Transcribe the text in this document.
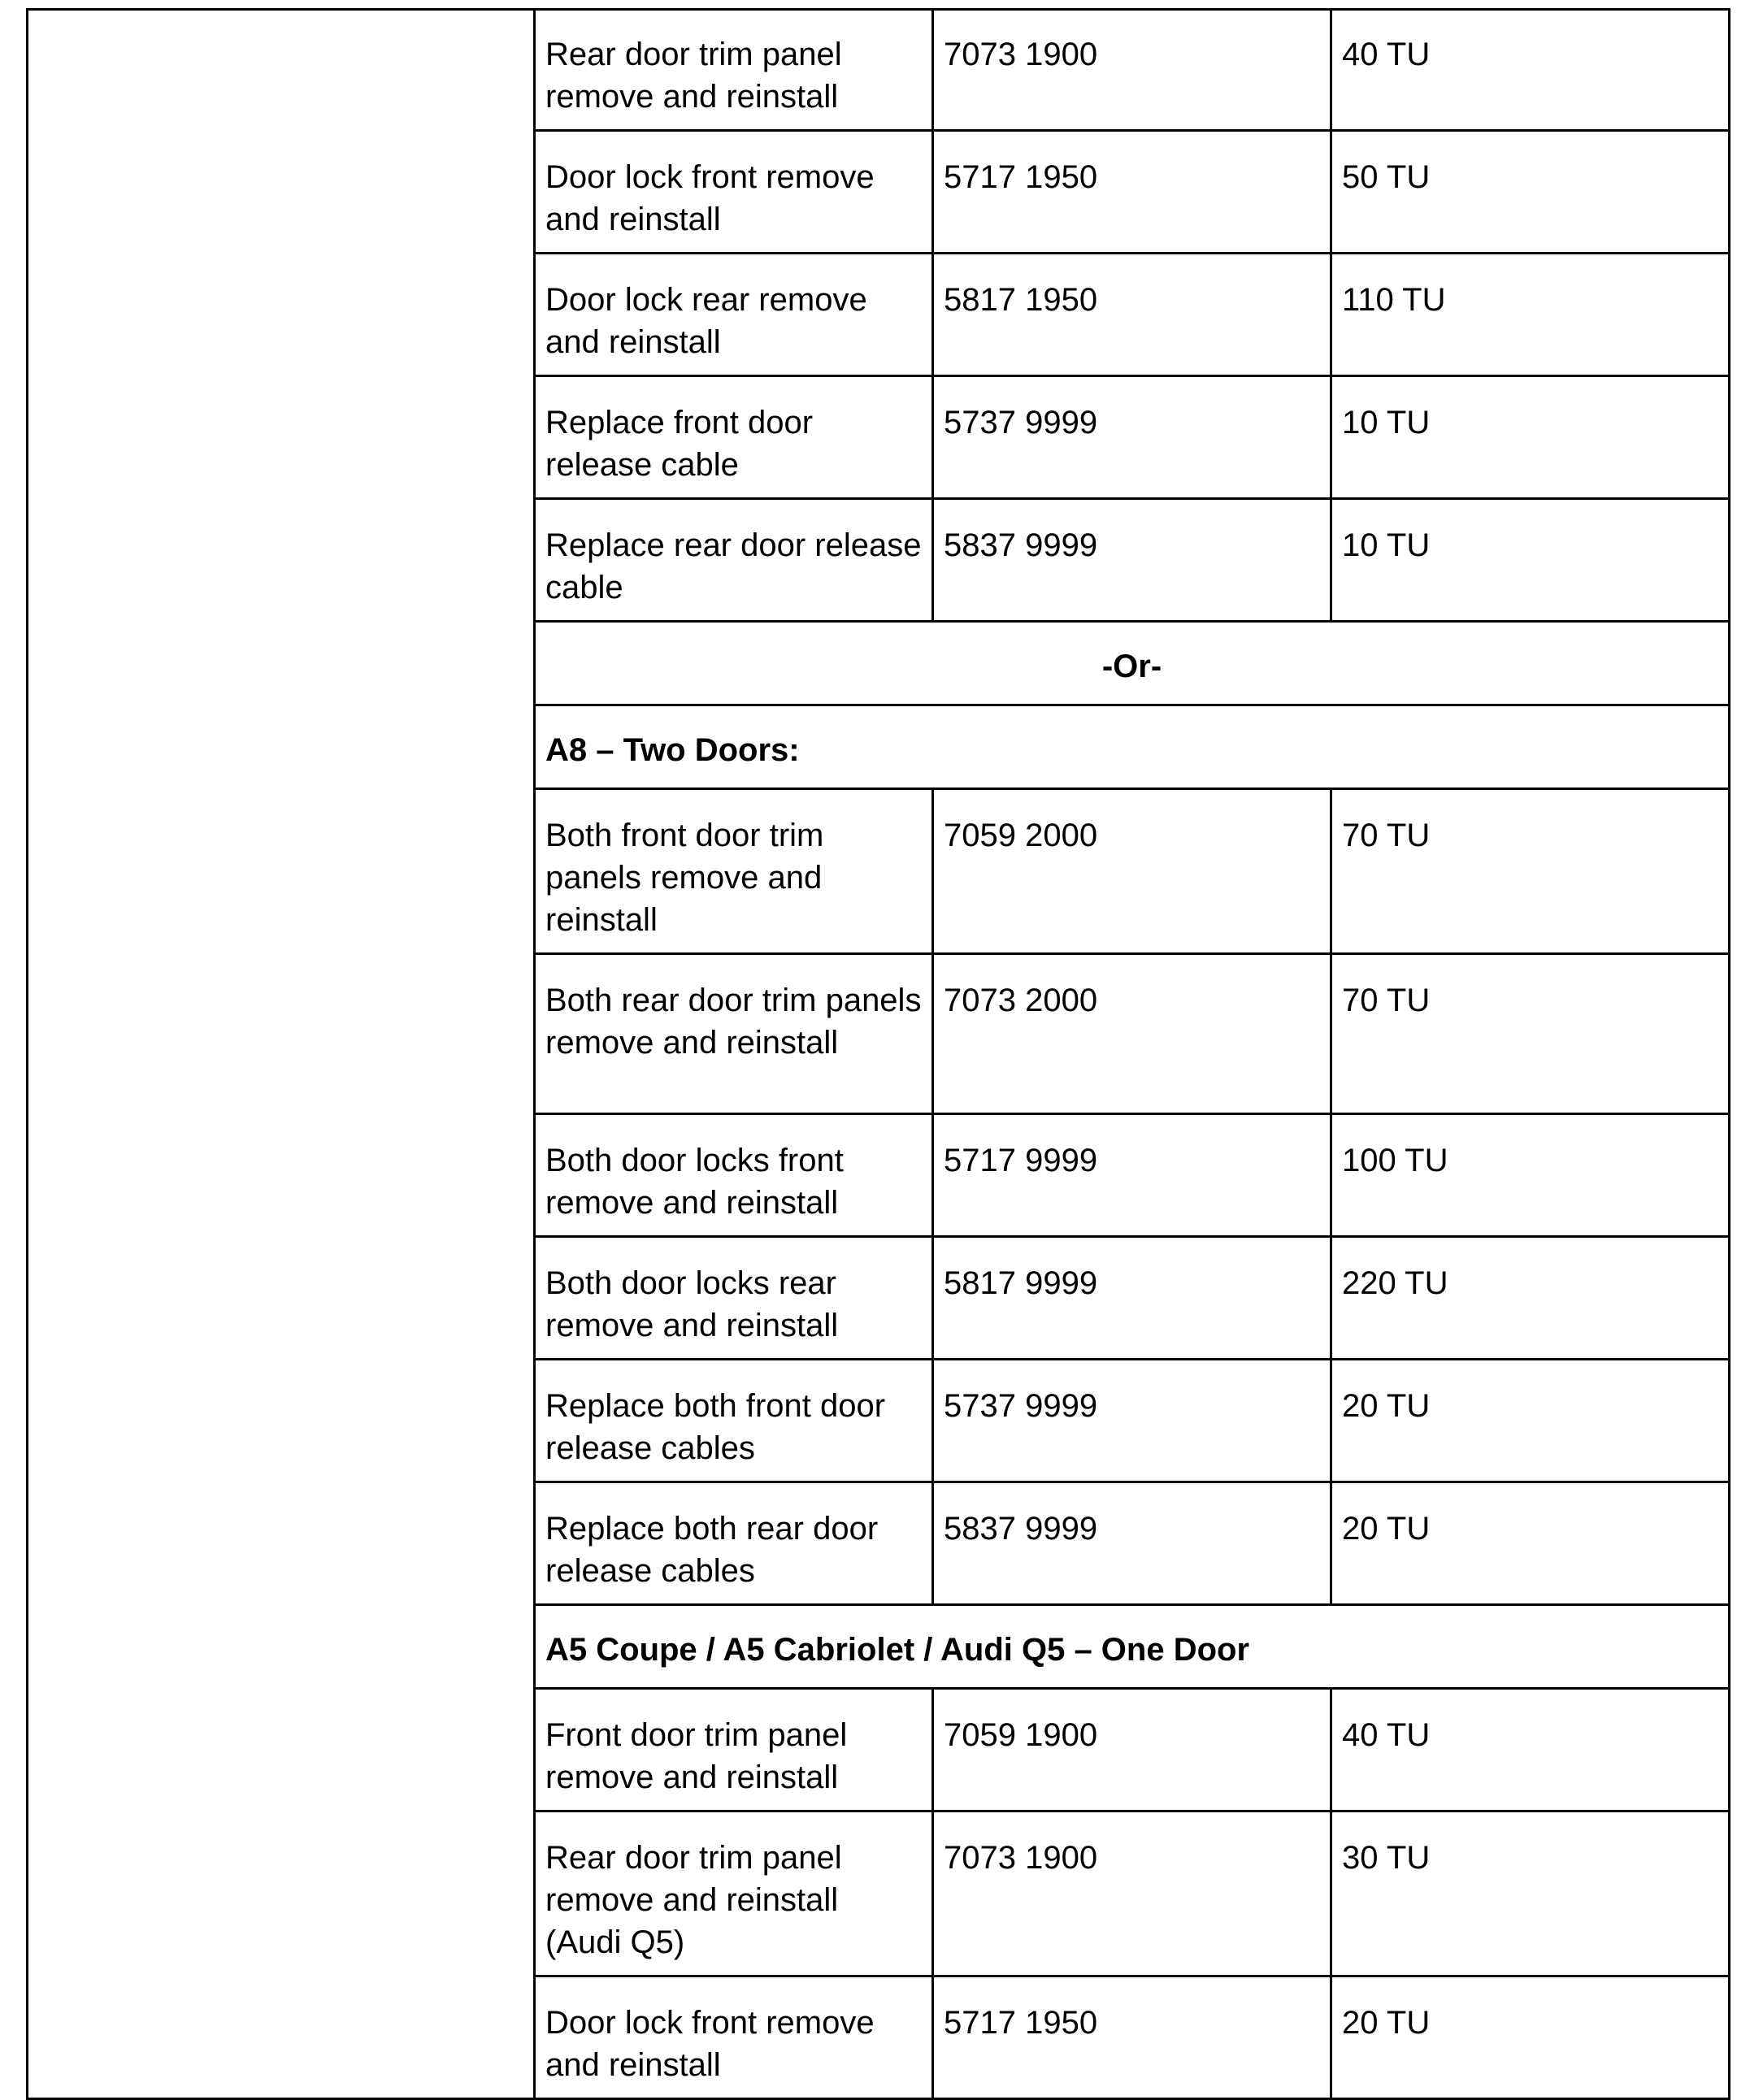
	Rear door trim panel remove and reinstall	7073 1900	40 TU
	Door lock front remove and reinstall	5717 1950	50 TU
	Door lock rear remove and reinstall	5817 1950	110 TU
	Replace front door release cable	5737 9999	10 TU
	Replace rear door release cable	5837 9999	10 TU
	-Or-		
	A8 – Two Doors:		
	Both front door trim panels remove and reinstall	7059 2000	70 TU
	Both rear door trim panels remove and reinstall	7073 2000	70 TU
	Both door locks front remove and reinstall	5717 9999	100 TU
	Both door locks rear remove and reinstall	5817 9999	220 TU
	Replace both front door release cables	5737 9999	20 TU
	Replace both rear door release cables	5837 9999	20 TU
	A5 Coupe / A5 Cabriolet / Audi Q5 – One Door		
	Front door trim panel remove and reinstall	7059 1900	40 TU
	Rear door trim panel remove and reinstall (Audi Q5)	7073 1900	30 TU
	Door lock front remove and reinstall	5717 1950	20 TU
